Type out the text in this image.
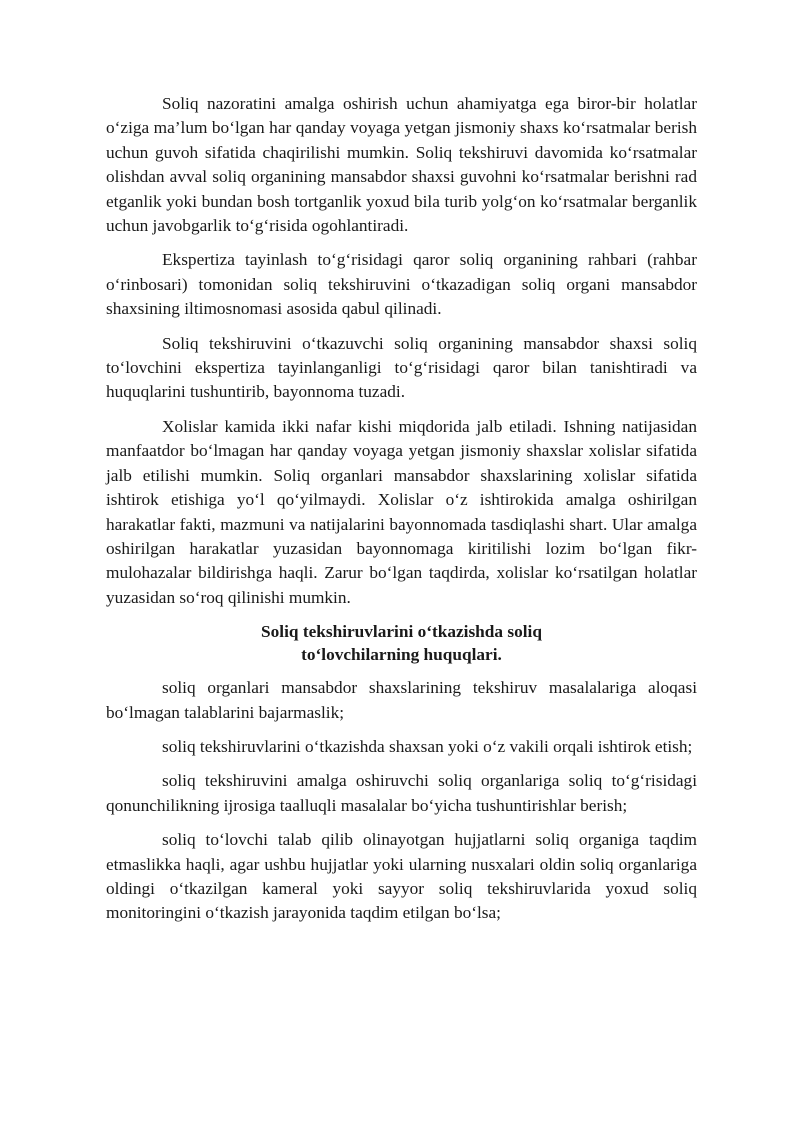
Soliq nazoratini amalga oshirish uchun ahamiyatga ega biror-bir holatlar o‘ziga ma’lum bo‘lgan har qanday voyaga yetgan jismoniy shaxs ko‘rsatmalar berish uchun guvoh sifatida chaqirilishi mumkin. Soliq tekshiruvi davomida ko‘rsatmalar olishdan avval soliq organining mansabdor shaxsi guvohni ko‘rsatmalar berishni rad etganlik yoki bundan bosh tortganlik yoxud bila turib yolg‘on ko‘rsatmalar berganlik uchun javobgarlik to‘g‘risida ogohlantiradi.

Ekspertiza tayinlash to‘g‘risidagi qaror soliq organining rahbari (rahbar o‘rinbosari) tomonidan soliq tekshiruvini o‘tkazadigan soliq organi mansabdor shaxsining iltimosnomasi asosida qabul qilinadi.

Soliq tekshiruvini o‘tkazuvchi soliq organining mansabdor shaxsi soliq to‘lovchini ekspertiza tayinlanganligi to‘g‘risidagi qaror bilan tanishtiradi va huquqlarini tushuntirib, bayonnoma tuzadi.

Xolislar kamida ikki nafar kishi miqdorida jalb etiladi. Ishning natijasidan manfaatdor bo‘lmagan har qanday voyaga yetgan jismoniy shaxslar xolislar sifatida jalb etilishi mumkin. Soliq organlari mansabdor shaxslarining xolislar sifatida ishtirok etishiga yo‘l qo‘yilmaydi. Xolislar o‘z ishtirokida amalga oshirilgan harakatlar fakti, mazmuni va natijalarini bayonnomada tasdiqlashi shart. Ular amalga oshirilgan harakatlar yuzasidan bayonnomaga kiritilishi lozim bo‘lgan fikr-mulohazalar bildirishga haqli. Zarur bo‘lgan taqdirda, xolislar ko‘rsatilgan holatlar yuzasidan so‘roq qilinishi mumkin.

Soliq tekshiruvlarini o‘tkazishda soliq
to‘lovchilarning huquqlari.

soliq organlari mansabdor shaxslarining tekshiruv masalalariga aloqasi bo‘lmagan talablarini bajarmaslik;

soliq tekshiruvlarini o‘tkazishda shaxsan yoki o‘z vakili orqali ishtirok etish;

soliq tekshiruvini amalga oshiruvchi soliq organlariga soliq to‘g‘risidagi qonunchilikning ijrosiga taalluqli masalalar bo‘yicha tushuntirishlar berish;

soliq to‘lovchi talab qilib olinayotgan hujjatlarni soliq organiga taqdim etmaslikka haqli, agar ushbu hujjatlar yoki ularning nusxalari oldin soliq organlariga oldingi o‘tkazilgan kameral yoki sayyor soliq tekshiruvlarida yoxud soliq monitoringini o‘tkazish jarayonida taqdim etilgan bo‘lsa;
